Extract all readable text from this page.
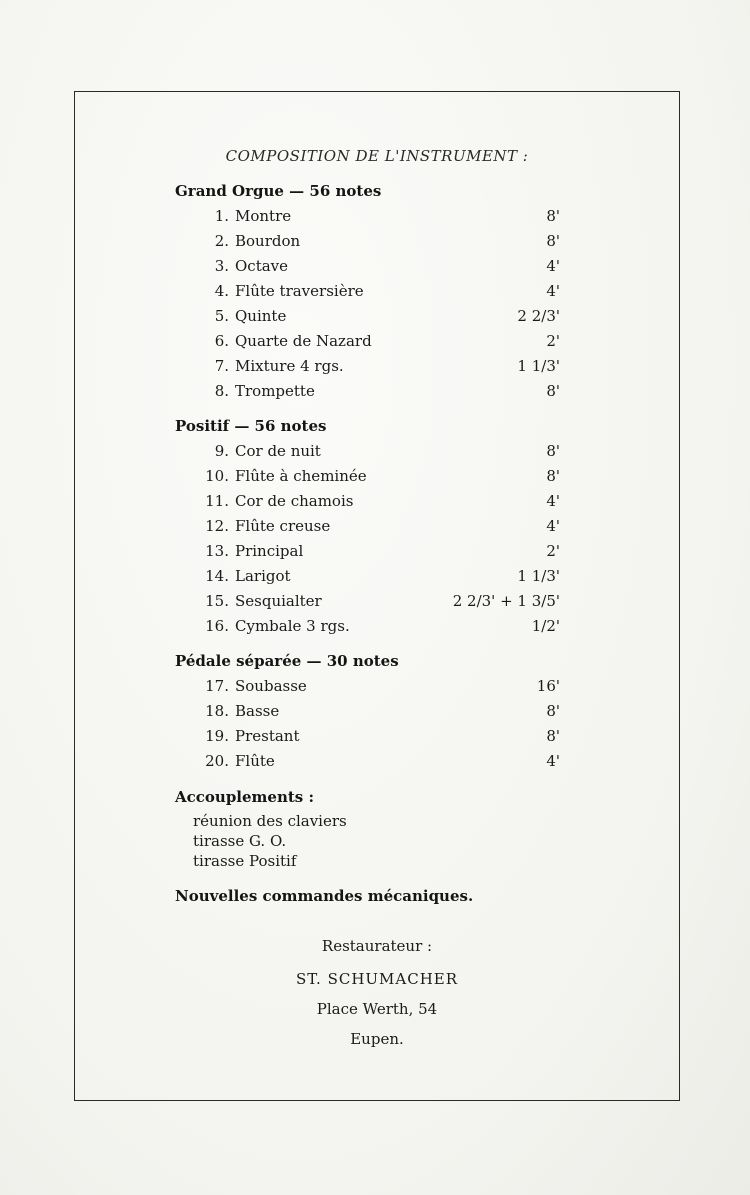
COMPOSITION DE L'INSTRUMENT :
Grand Orgue — 56 notes
1. Montre	8'
2. Bourdon	8'
3. Octave	4'
4. Flûte traversière	4'
5. Quinte	2 2/3'
6. Quarte de Nazard	2'
7. Mixture 4 rgs.	1 1/3'
8. Trompette	8'
Positif — 56 notes
9. Cor de nuit	8'
10. Flûte à cheminée	8'
11. Cor de chamois	4'
12. Flûte creuse	4'
13. Principal	2'
14. Larigot	1 1/3'
15. Sesquialter	2 2/3' + 1 3/5'
16. Cymbale 3 rgs.	1/2'
Pédale séparée — 30 notes
17. Soubasse	16'
18. Basse	8'
19. Prestant	8'
20. Flûte	4'
Accouplements :
réunion des claviers
tirasse G. O.
tirasse Positif
Nouvelles commandes mécaniques.
Restaurateur :
ST. SCHUMACHER
Place Werth, 54
Eupen.
